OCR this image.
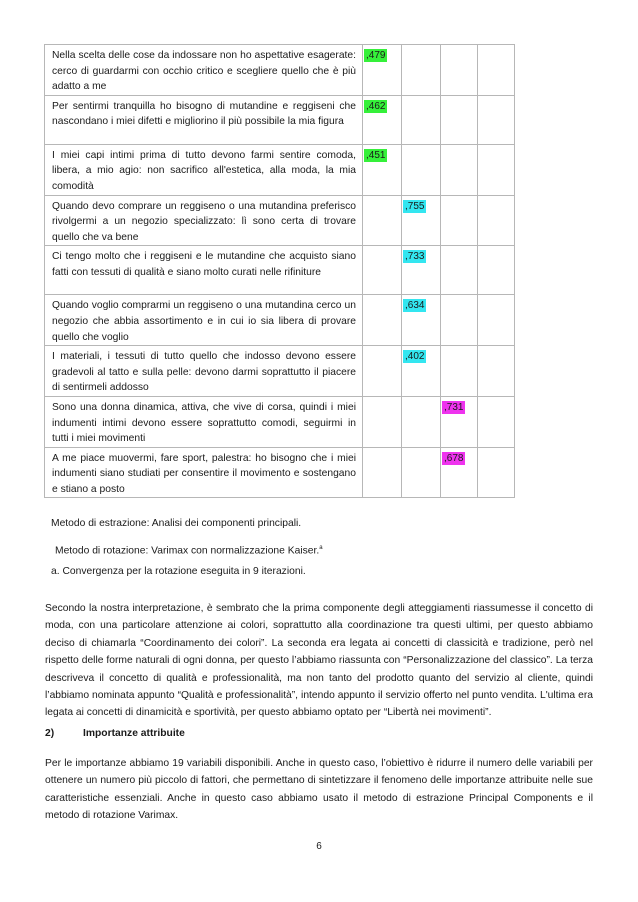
Nella scelta delle cose da indossare non ho aspettative esagerate: cerco di guardarmi con occhio critico e scegliere quello che è più adatto a me	,479			
Per sentirmi tranquilla ho bisogno di mutandine e reggiseni che nascondano i miei difetti e migliorino il più possibile la mia figura	,462			
I miei capi intimi prima di tutto devono farmi sentire comoda, libera, a mio agio: non sacrifico all'estetica, alla moda, la mia comodità	,451			
Quando devo comprare un reggiseno o una mutandina preferisco rivolgermi a un negozio specializzato: lì sono certa di trovare quello che va bene		,755		
Ci tengo molto che i reggiseni e le mutandine che acquisto siano fatti con tessuti di qualità e siano molto curati nelle rifiniture		,733		
Quando voglio comprarmi un reggiseno o una mutandina cerco un negozio che abbia assortimento e in cui io sia libera di provare quello che voglio		,634		
I materiali, i tessuti di tutto quello che indosso devono essere gradevoli al tatto e sulla pelle: devono darmi soprattutto il piacere di sentirmeli addosso		,402		
Sono una donna dinamica, attiva, che vive di corsa, quindi i miei indumenti intimi devono essere soprattutto comodi, seguirmi in tutti i miei movimenti			,731	
A me piace muovermi, fare sport, palestra: ho bisogno che i miei indumenti siano studiati per consentire il movimento e sostengano e stiano a posto			,678	
Metodo di estrazione: Analisi dei componenti principali.
Metodo di rotazione: Varimax con normalizzazione Kaiser.$^a$
a. Convergenza per la rotazione eseguita in 9 iterazioni.
Secondo la nostra interpretazione, è sembrato che la prima componente degli atteggiamenti riassumesse il concetto di moda, con una particolare attenzione ai colori, soprattutto alla coordinazione tra questi ultimi, per questo abbiamo deciso di chiamarla “Coordinamento dei colori”. La seconda era legata ai concetti di classicità e tradizione, però nel rispetto delle forme naturali di ogni donna, per questo l’abbiamo riassunta con “Personalizzazione del classico”. La terza descriveva il concetto di qualità e professionalità, ma non tanto del prodotto quanto del servizio al cliente, quindi l’abbiamo nominata appunto “Qualità e professionalità”, intendo appunto il servizio offerto nel punto vendita. L'ultima era legata ai concetti di dinamicità e sportività, per questo abbiamo optato per “Libertà nei movimenti”.
2)	Importanze attribuite
Per le importanze abbiamo 19 variabili disponibili. Anche in questo caso, l’obiettivo è ridurre il numero delle variabili per ottenere un numero più piccolo di fattori, che permettano di sintetizzare il fenomeno delle importanze attribuite nelle sue caratteristiche essenziali. Anche in questo caso abbiamo usato il metodo di estrazione Principal Components e il metodo di rotazione Varimax.
6
